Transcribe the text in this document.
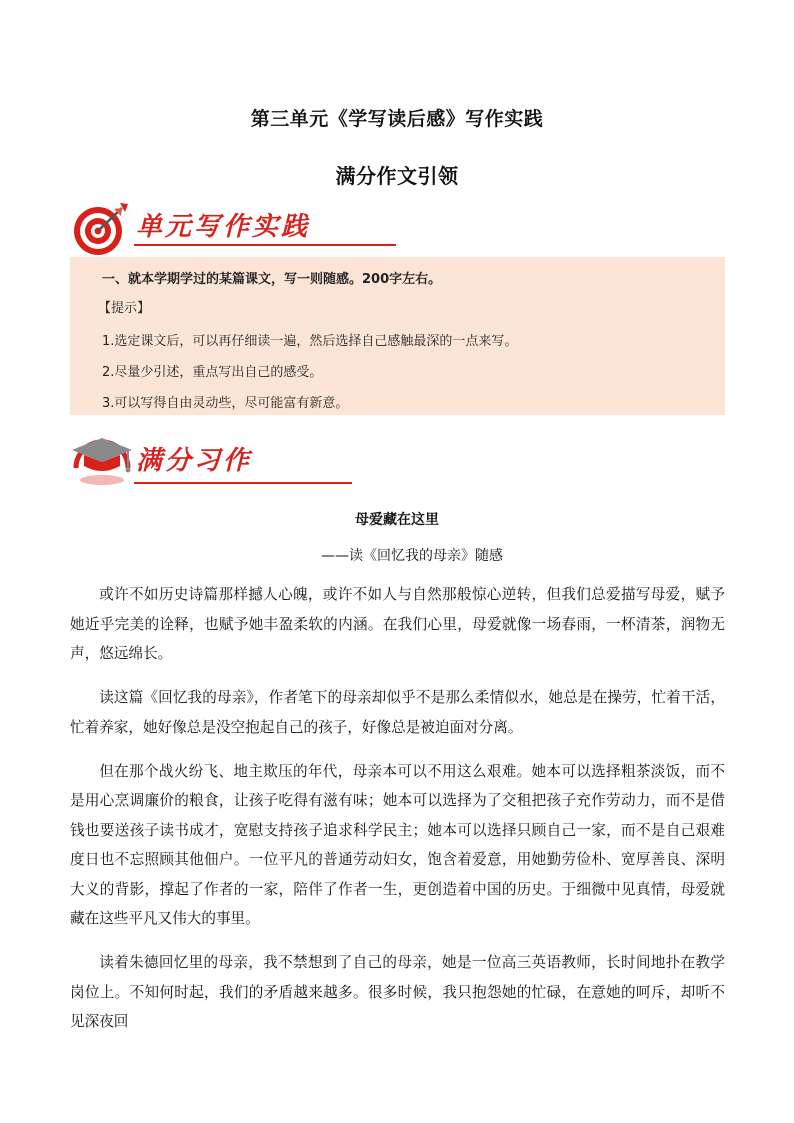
第三单元《学写读后感》写作实践
满分作文引领
单元写作实践
一、就本学期学过的某篇课文，写一则随感。200字左右。
【提示】
1.选定课文后，可以再仔细读一遍，然后选择自己感触最深的一点来写。
2.尽量少引述，重点写出自己的感受。
3.可以写得自由灵动些，尽可能富有新意。
满分习作
母爱藏在这里
——读《回忆我的母亲》随感

或许不如历史诗篇那样撼人心魄，或许不如人与自然那般惊心逆转，但我们总爱描写母爱，赋予她近乎完美的诠释，也赋予她丰盈柔软的内涵。在我们心里，母爱就像一场春雨，一杯清茶，润物无声，悠远绵长。

读这篇《回忆我的母亲》，作者笔下的母亲却似乎不是那么柔情似水，她总是在操劳，忙着干活，忙着养家，她好像总是没空抱起自己的孩子，好像总是被迫面对分离。

但在那个战火纷飞、地主欺压的年代，母亲本可以不用这么艰难。她本可以选择粗茶淡饭，而不是用心烹调廉价的粮食，让孩子吃得有滋有味；她本可以选择为了交租把孩子充作劳动力，而不是借钱也要送孩子读书成才，宽慰支持孩子追求科学民主；她本可以选择只顾自己一家，而不是自己艰难度日也不忘照顾其他佃户。一位平凡的普通劳动妇女，饱含着爱意，用她勤劳俭朴、宽厚善良、深明大义的背影，撑起了作者的一家，陪伴了作者一生，更创造着中国的历史。于细微中见真情，母爱就藏在这些平凡又伟大的事里。

读着朱德回忆里的母亲，我不禁想到了自己的母亲，她是一位高三英语教师，长时间地扑在教学岗位上。不知何时起，我们的矛盾越来越多。很多时候，我只抱怨她的忙碌，在意她的呵斥，却听不见深夜回
